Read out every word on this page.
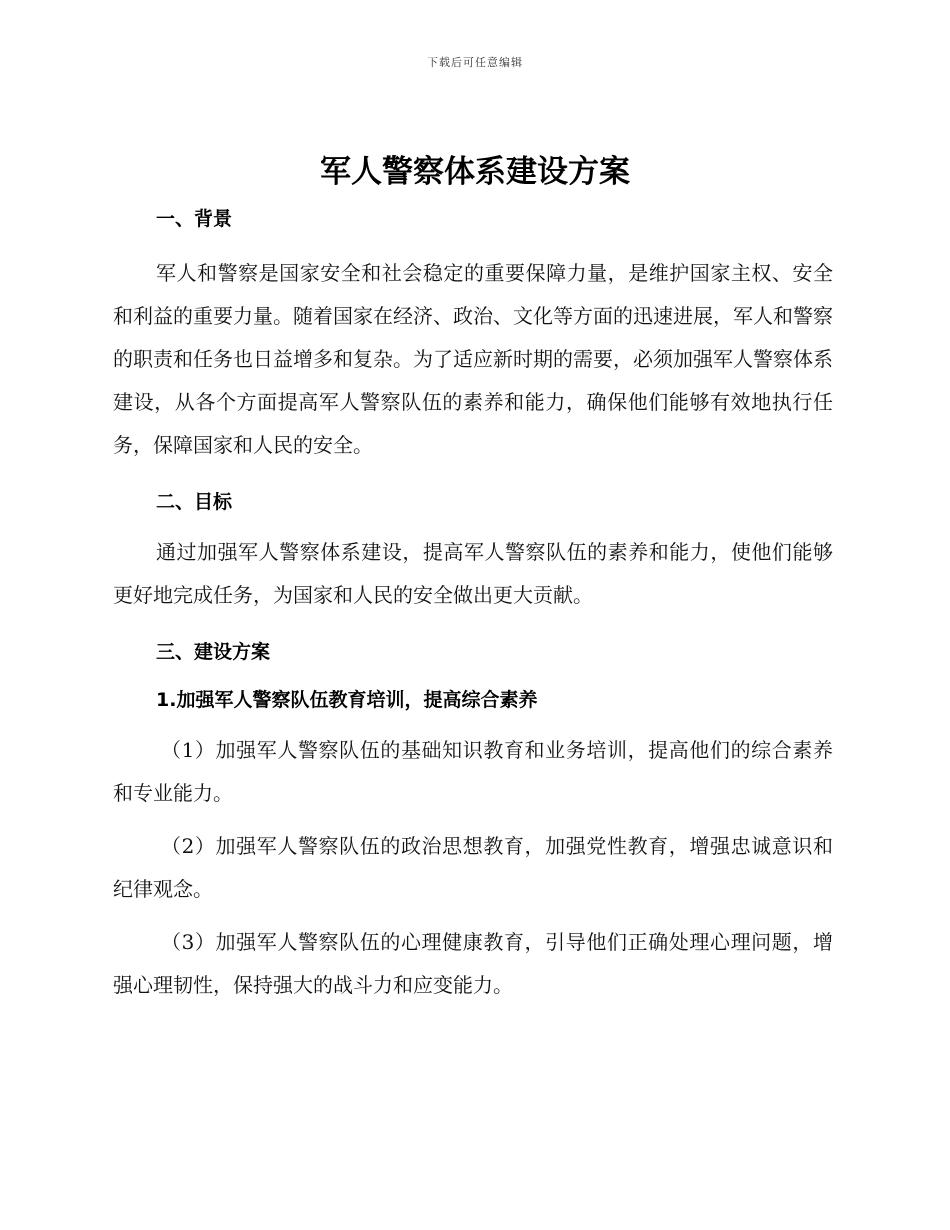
下载后可任意编辑
军人警察体系建设方案
一、背景

军人和警察是国家安全和社会稳定的重要保障力量，是维护国家主权、安全和利益的重要力量。随着国家在经济、政治、文化等方面的迅速进展，军人和警察的职责和任务也日益增多和复杂。为了适应新时期的需要，必须加强军人警察体系建设，从各个方面提高军人警察队伍的素养和能力，确保他们能够有效地执行任务，保障国家和人民的安全。

二、目标

通过加强军人警察体系建设，提高军人警察队伍的素养和能力，使他们能够更好地完成任务，为国家和人民的安全做出更大贡献。

三、建设方案
1.加强军人警察队伍教育培训，提高综合素养

（1）加强军人警察队伍的基础知识教育和业务培训，提高他们的综合素养和专业能力。

（2）加强军人警察队伍的政治思想教育，加强党性教育，增强忠诚意识和纪律观念。

（3）加强军人警察队伍的心理健康教育，引导他们正确处理心理问题，增强心理韧性，保持强大的战斗力和应变能力。
